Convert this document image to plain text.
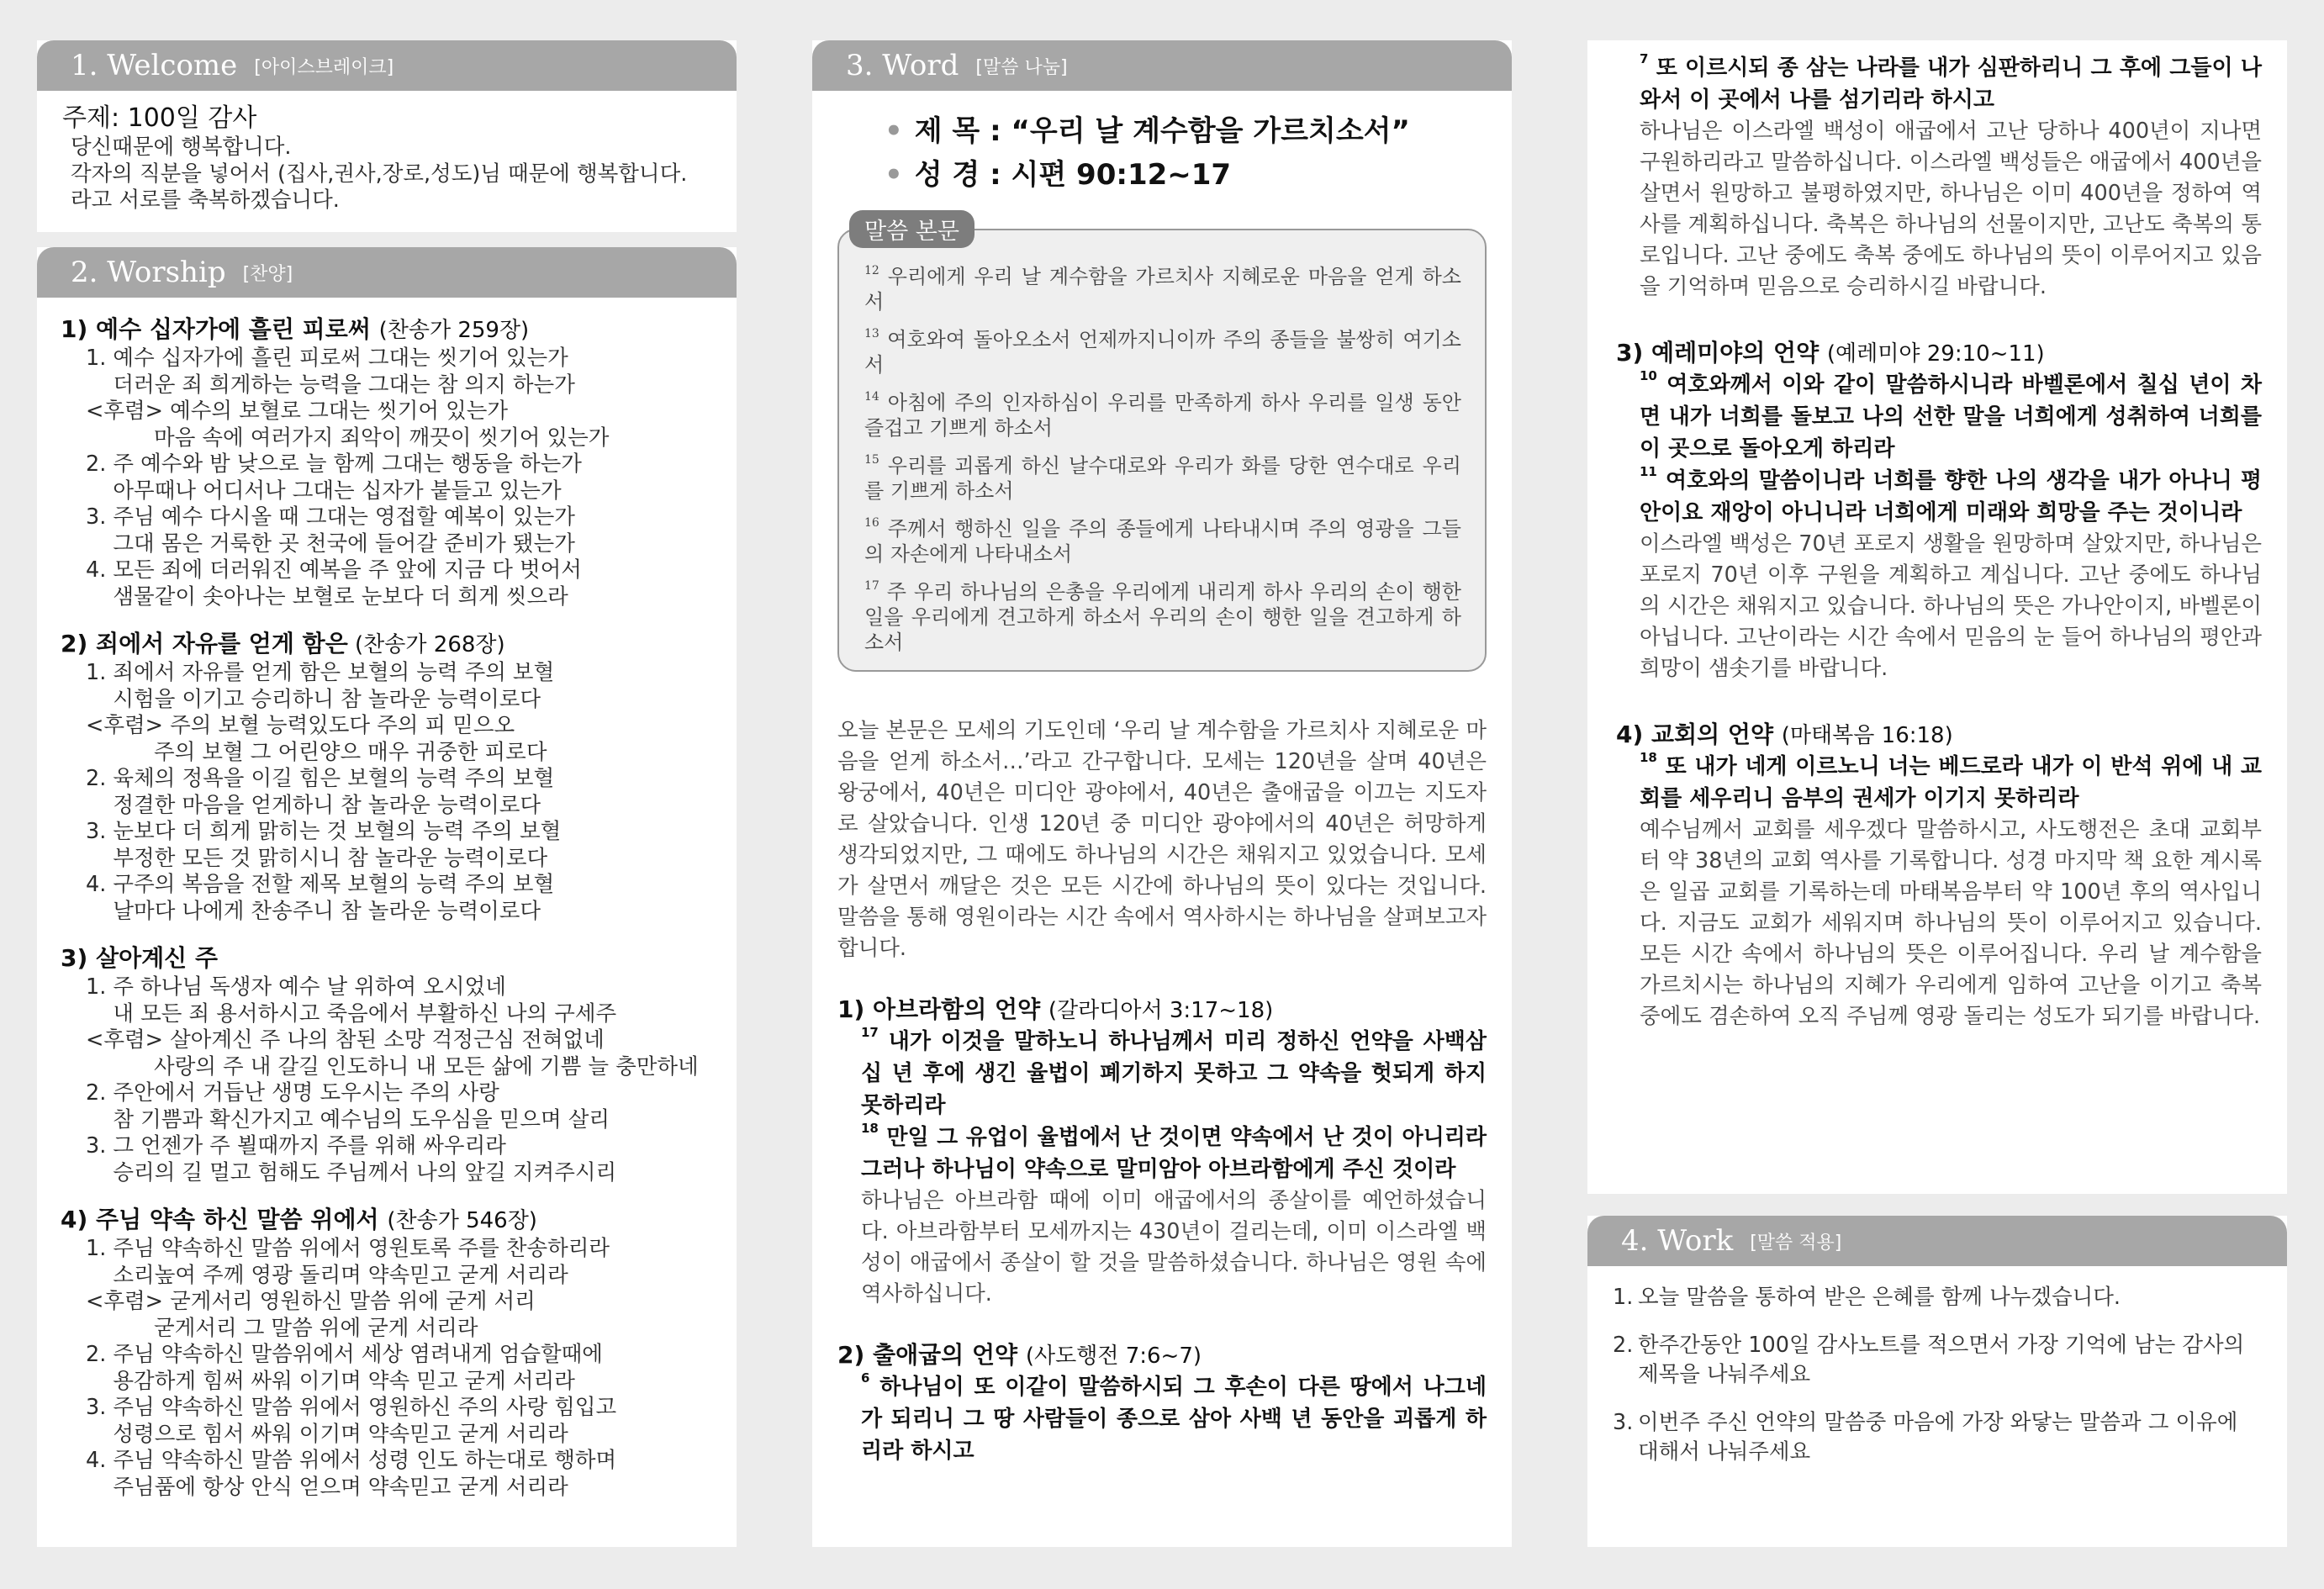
1. Welcome [아이스브레이크]
주제: 100일 감사
당신때문에 행복합니다.
각자의 직분을 넣어서 (집사,권사,장로,성도)님 때문에 행복합니다.
라고 서로를 축복하겠습니다.
2. Worship [찬양]
1) 예수 십자가에 흘린 피로써 (찬송가 259장)
1. 예수 십자가에 흘린 피로써 그대는 씻기어 있는가
더러운 죄 희게하는 능력을 그대는 참 의지 하는가
<후렴> 예수의 보혈로 그대는 씻기어 있는가
마음 속에 여러가지 죄악이 깨끗이 씻기어 있는가
2. 주 예수와 밤 낮으로 늘 함께 그대는 행동을 하는가
아무때나 어디서나 그대는 십자가 붙들고 있는가
3. 주님 예수 다시올 때 그대는 영접할 예복이 있는가
그대 몸은 거룩한 곳 천국에 들어갈 준비가 됐는가
4. 모든 죄에 더러워진 예복을 주 앞에 지금 다 벗어서
샘물같이 솟아나는 보혈로 눈보다 더 희게 씻으라
2) 죄에서 자유를 얻게 함은 (찬송가 268장)
1. 죄에서 자유를 얻게 함은 보혈의 능력 주의 보혈
시험을 이기고 승리하니 참 놀라운 능력이로다
<후렴> 주의 보혈 능력있도다 주의 피 믿으오
주의 보혈 그 어린양으 매우 귀중한 피로다
2. 육체의 정욕을 이길 힘은 보혈의 능력 주의 보혈
정결한 마음을 얻게하니 참 놀라운 능력이로다
3. 눈보다 더 희게 맑히는 것 보혈의 능력 주의 보혈
부정한 모든 것 맑히시니 참 놀라운 능력이로다
4. 구주의 복음을 전할 제목 보혈의 능력 주의 보혈
날마다 나에게 찬송주니 참 놀라운 능력이로다
3) 살아계신 주
1. 주 하나님 독생자 예수 날 위하여 오시었네
내 모든 죄 용서하시고 죽음에서 부활하신 나의 구세주
<후렴> 살아계신 주 나의 참된 소망 걱정근심 전혀없네
사랑의 주 내 갈길 인도하니 내 모든 삶에 기쁨 늘 충만하네
2. 주안에서 거듭난 생명 도우시는 주의 사랑
참 기쁨과 확신가지고 예수님의 도우심을 믿으며 살리
3. 그 언젠가 주 뵐때까지 주를 위해 싸우리라
승리의 길 멀고 험해도 주님께서 나의 앞길 지켜주시리
4) 주님 약속 하신 말씀 위에서 (찬송가 546장)
1. 주님 약속하신 말씀 위에서 영원토록 주를 찬송하리라
소리높여 주께 영광 돌리며 약속믿고 굳게 서리라
<후렴> 굳게서리 영원하신 말씀 위에 굳게 서리
굳게서리 그 말씀 위에 굳게 서리라
2. 주님 약속하신 말씀위에서 세상 염려내게 엄습할때에
용감하게 힘써 싸워 이기며 약속 믿고 굳게 서리라
3. 주님 약속하신 말씀 위에서 영원하신 주의 사랑 힘입고
성령으로 힘서 싸워 이기며 약속믿고 굳게 서리라
4. 주님 약속하신 말씀 위에서 성령 인도 하는대로 행하며
주님품에 항상 안식 얻으며 약속믿고 굳게 서리라
3. Word [말씀 나눔]
• 제 목 : “우리 날 계수함을 가르치소서”
• 성 경 : 시편 90:12~17
말씀 본문
$^{12}$ 우리에게 우리 날 계수함을 가르치사 지혜로운 마음을 얻게 하소서
$^{13}$ 여호와여 돌아오소서 언제까지니이까 주의 종들을 불쌍히 여기소서
$^{14}$ 아침에 주의 인자하심이 우리를 만족하게 하사 우리를 일생 동안 즐겁고 기쁘게 하소서
$^{15}$ 우리를 괴롭게 하신 날수대로와 우리가 화를 당한 연수대로 우리를 기쁘게 하소서
$^{16}$ 주께서 행하신 일을 주의 종들에게 나타내시며 주의 영광을 그들의 자손에게 나타내소서
$^{17}$ 주 우리 하나님의 은총을 우리에게 내리게 하사 우리의 손이 행한 일을 우리에게 견고하게 하소서 우리의 손이 행한 일을 견고하게 하소서
오늘 본문은 모세의 기도인데 ‘우리 날 계수함을 가르치사 지혜로운 마음을 얻게 하소서…’라고 간구합니다. 모세는 120년을 살며 40년은 왕궁에서, 40년은 미디안 광야에서, 40년은 출애굽을 이끄는 지도자로 살았습니다. 인생 120년 중 미디안 광야에서의 40년은 허망하게 생각되었지만, 그 때에도 하나님의 시간은 채워지고 있었습니다. 모세가 살면서 깨달은 것은 모든 시간에 하나님의 뜻이 있다는 것입니다. 말씀을 통해 영원이라는 시간 속에서 역사하시는 하나님을 살펴보고자 합니다.
1) 아브라함의 언약 (갈라디아서 3:17~18)
$^{17}$ 내가 이것을 말하노니 하나님께서 미리 정하신 언약을 사백삼십 년 후에 생긴 율법이 폐기하지 못하고 그 약속을 헛되게 하지 못하리라
$^{18}$ 만일 그 유업이 율법에서 난 것이면 약속에서 난 것이 아니리라 그러나 하나님이 약속으로 말미암아 아브라함에게 주신 것이라
하나님은 아브라함 때에 이미 애굽에서의 종살이를 예언하셨습니다. 아브라함부터 모세까지는 430년이 걸리는데, 이미 이스라엘 백성이 애굽에서 종살이 할 것을 말씀하셨습니다. 하나님은 영원 속에 역사하십니다.
2) 출애굽의 언약 (사도행전 7:6~7)
$^6$ 하나님이 또 이같이 말씀하시되 그 후손이 다른 땅에서 나그네가 되리니 그 땅 사람들이 종으로 삼아 사백 년 동안을 괴롭게 하리라 하시고
$^7$ 또 이르시되 종 삼는 나라를 내가 심판하리니 그 후에 그들이 나와서 이 곳에서 나를 섬기리라 하시고
하나님은 이스라엘 백성이 애굽에서 고난 당하나 400년이 지나면 구원하리라고 말씀하십니다. 이스라엘 백성들은 애굽에서 400년을 살면서 원망하고 불평하였지만, 하나님은 이미 400년을 정하여 역사를 계획하십니다. 축복은 하나님의 선물이지만, 고난도 축복의 통로입니다. 고난 중에도 축복 중에도 하나님의 뜻이 이루어지고 있음을 기억하며 믿음으로 승리하시길 바랍니다.
3) 예레미야의 언약 (예레미야 29:10~11)
$^{10}$ 여호와께서 이와 같이 말씀하시니라 바벨론에서 칠십 년이 차면 내가 너희를 돌보고 나의 선한 말을 너희에게 성취하여 너희를 이 곳으로 돌아오게 하리라
$^{11}$ 여호와의 말씀이니라 너희를 향한 나의 생각을 내가 아나니 평안이요 재앙이 아니니라 너희에게 미래와 희망을 주는 것이니라
이스라엘 백성은 70년 포로지 생활을 원망하며 살았지만, 하나님은 포로지 70년 이후 구원을 계획하고 계십니다. 고난 중에도 하나님의 시간은 채워지고 있습니다. 하나님의 뜻은 가나안이지, 바벨론이 아닙니다. 고난이라는 시간 속에서 믿음의 눈 들어 하나님의 평안과 희망이 샘솟기를 바랍니다.
4) 교회의 언약 (마태복음 16:18)
$^{18}$ 또 내가 네게 이르노니 너는 베드로라 내가 이 반석 위에 내 교회를 세우리니 음부의 권세가 이기지 못하리라
예수님께서 교회를 세우겠다 말씀하시고, 사도행전은 초대 교회부터 약 38년의 교회 역사를 기록합니다. 성경 마지막 책 요한 계시록은 일곱 교회를 기록하는데 마태복음부터 약 100년 후의 역사입니다. 지금도 교회가 세워지며 하나님의 뜻이 이루어지고 있습니다. 모든 시간 속에서 하나님의 뜻은 이루어집니다. 우리 날 계수함을 가르치시는 하나님의 지혜가 우리에게 임하여 고난을 이기고 축복 중에도 겸손하여 오직 주님께 영광 돌리는 성도가 되기를 바랍니다.
4. Work [말씀 적용]
1. 오늘 말씀을 통하여 받은 은혜를 함께 나누겠습니다.
2. 한주간동안 100일 감사노트를 적으면서 가장 기억에 남는 감사의 제목을 나눠주세요
3. 이번주 주신 언약의 말씀중 마음에 가장 와닿는 말씀과 그 이유에 대해서 나눠주세요
